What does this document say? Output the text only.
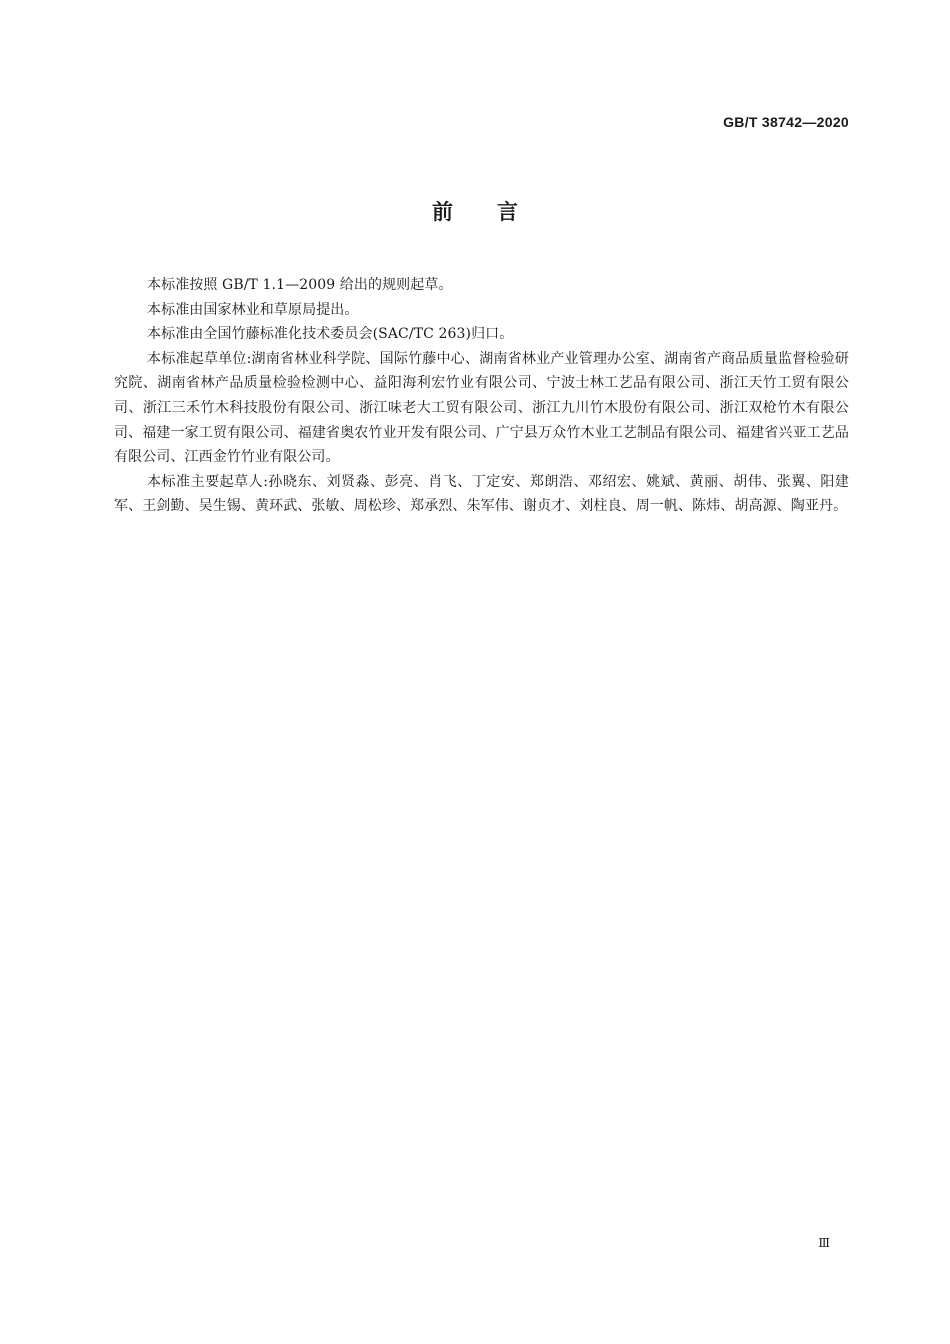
GB/T 38742—2020
前言

本标准按照 GB/T 1.1—2009 给出的规则起草。

本标准由国家林业和草原局提出。

本标准由全国竹藤标准化技术委员会(SAC/TC 263)归口。

本标准起草单位:湖南省林业科学院、国际竹藤中心、湖南省林业产业管理办公室、湖南省产商品质量监督检验研究院、湖南省林产品质量检验检测中心、益阳海利宏竹业有限公司、宁波士林工艺品有限公司、浙江天竹工贸有限公司、浙江三禾竹木科技股份有限公司、浙江味老大工贸有限公司、浙江九川竹木股份有限公司、浙江双枪竹木有限公司、福建一家工贸有限公司、福建省奥农竹业开发有限公司、广宁县万众竹木业工艺制品有限公司、福建省兴亚工艺品有限公司、江西金竹竹业有限公司。

本标准主要起草人:孙晓东、刘贤淼、彭亮、肖飞、丁定安、郑朗浩、邓绍宏、姚斌、黄丽、胡伟、张翼、阳建军、王剑勤、吴生锡、黄环武、张敏、周松珍、郑承烈、朱军伟、谢贞才、刘柱良、周一帆、陈炜、胡高源、陶亚丹。

Ⅲ
